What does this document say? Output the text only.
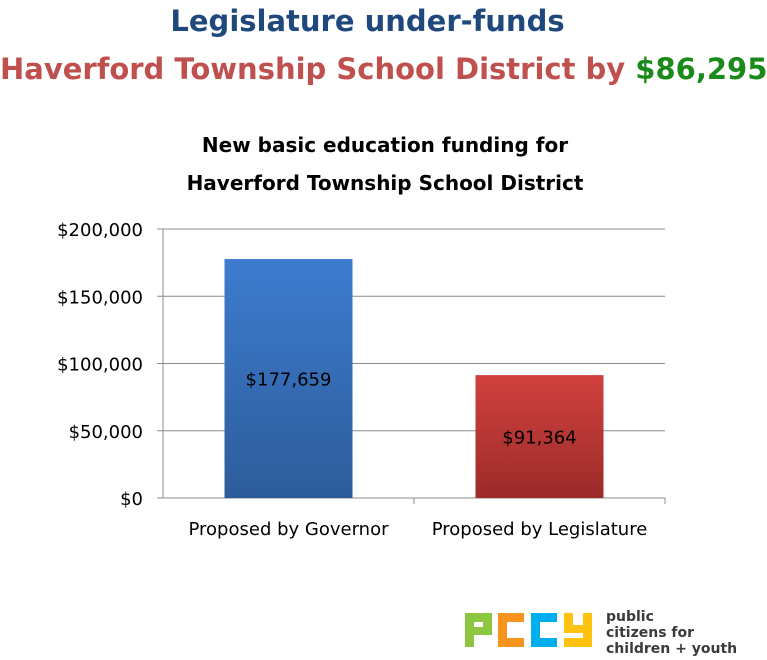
Legislature under-funds
Haverford Township School District by $86,295
New basic education funding for
Haverford Township School District
$0
$50,000
$100,000
$150,000
$200,000
$177,659
Proposed by Governor
$91,364
Proposed by Legislature
public
citizens for
children + youth
